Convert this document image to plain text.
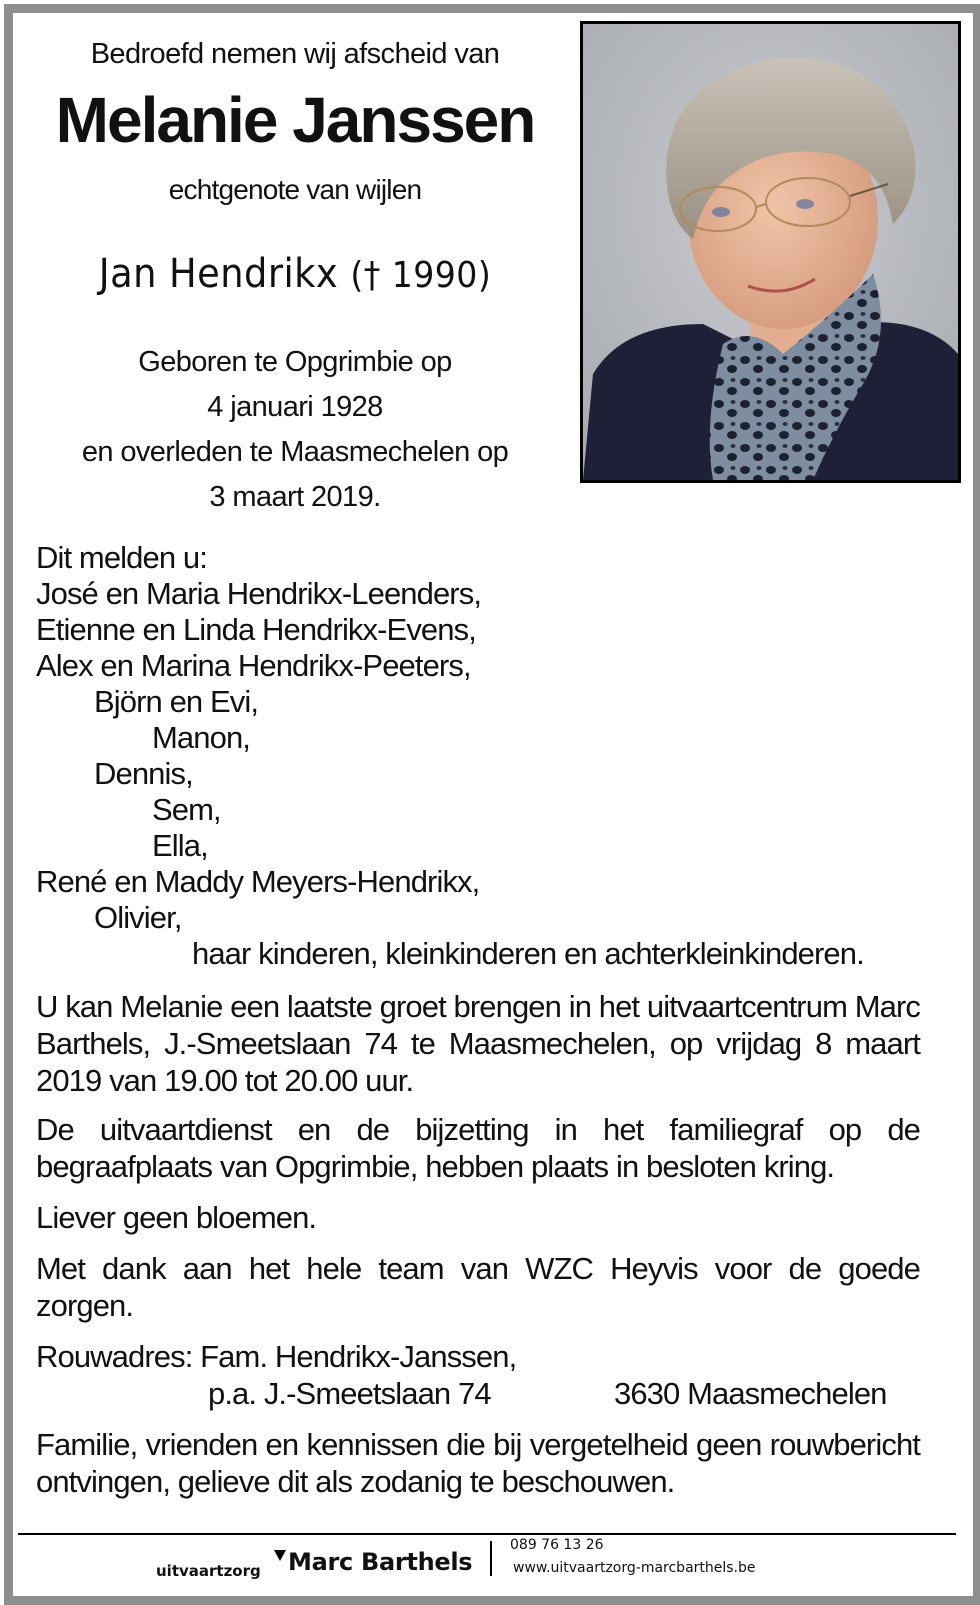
Bedroefd nemen wij afscheid van
Melanie Janssen
echtgenote van wijlen
Jan Hendrikx († 1990)
Geboren te Opgrimbie op
4 januari 1928
en overleden te Maasmechelen op
3 maart 2019.
Dit melden u:
José en Maria Hendrikx-Leenders,
Etienne en Linda Hendrikx-Evens,
Alex en Marina Hendrikx-Peeters,
Björn en Evi,
Manon,
Dennis,
Sem,
Ella,
René en Maddy Meyers-Hendrikx,
Olivier,
haar kinderen, kleinkinderen en achterkleinkinderen.
U kan Melanie een laatste groet brengen in het uitvaartcentrum Marc Barthels, J.-Smeetslaan 74 te Maasmechelen, op vrijdag 8 maart 2019 van 19.00 tot 20.00 uur.
De uitvaartdienst en de bijzetting in het familiegraf op de begraafplaats van Opgrimbie, hebben plaats in besloten kring.
Liever geen bloemen.
Met dank aan het hele team van WZC Heyvis voor de goede zorgen.
Rouwadres: Fam. Hendrikx-Janssen,
p.a. J.-Smeetslaan 74	3630 Maasmechelen
Familie, vrienden en kennissen die bij vergetelheid geen rouwbericht ontvingen, gelieve dit als zodanig te beschouwen.
uitvaartzorg Marc Barthels
089 76 13 26
www.uitvaartzorg-marcbarthels.be
